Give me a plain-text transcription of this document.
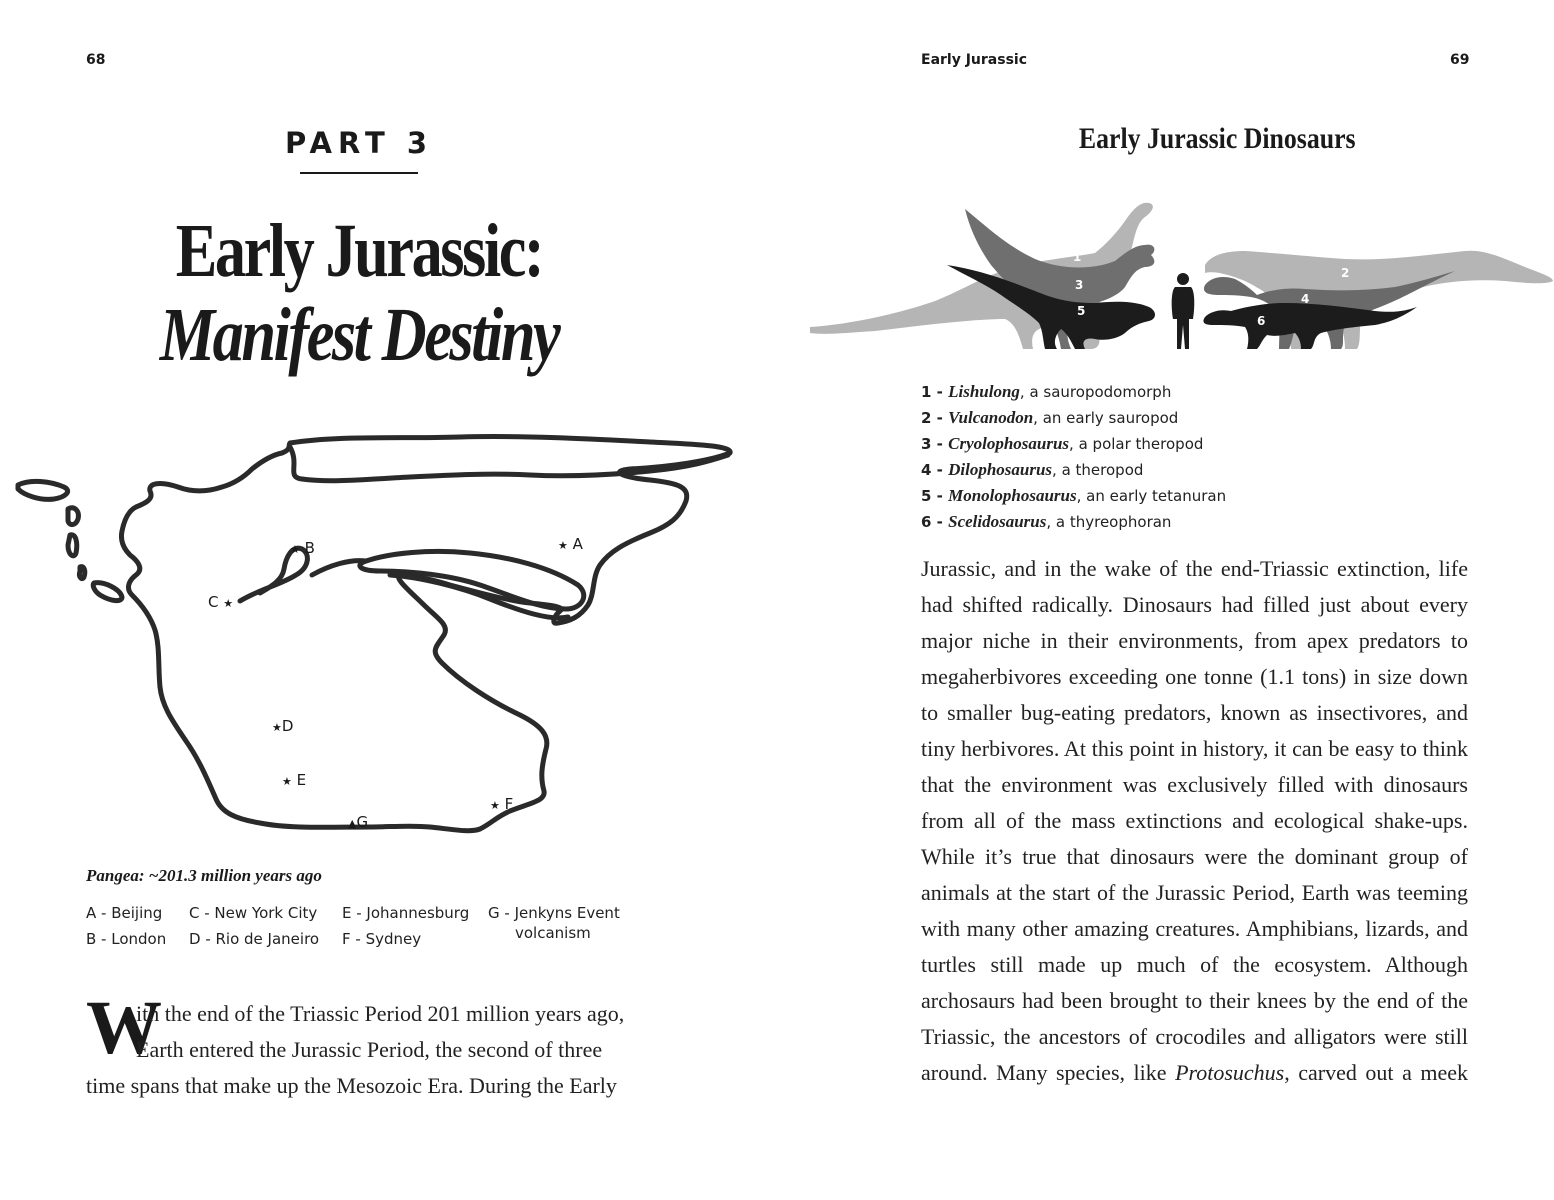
68
PART 3
Early Jurassic:
Manifest Destiny
★ A
★ B
C ★
★D
★ E
★ F
▲G
Pangea: ~201.3 million years ago
A - Beijing
B - London
C - New York City
D - Rio de Janeiro
E - Johannesburg
F - Sydney
G - Jenkyns Event
volcanism
W
ith the end of the Triassic Period 201 million years ago,
Earth entered the Jurassic Period, the second of three
time spans that make up the Mesozoic Era. During the Early
Early Jurassic	69
Early Jurassic Dinosaurs
1
2
3
4
5
6
1 - Lishulong, a sauropodomorph
2 - Vulcanodon, an early sauropod
3 - Cryolophosaurus, a polar theropod
4 - Dilophosaurus, a theropod
5 - Monolophosaurus, an early tetanuran
6 - Scelidosaurus, a thyreophoran
Jurassic, and in the wake of the end-Triassic extinction, life
had shifted radically. Dinosaurs had filled just about every
major niche in their environments, from apex predators to
megaherbivores exceeding one tonne (1.1 tons) in size down
to smaller bug-eating predators, known as insectivores, and
tiny herbivores. At this point in history, it can be easy to think
that the environment was exclusively filled with dinosaurs
from all of the mass extinctions and ecological shake-ups.
While it’s true that dinosaurs were the dominant group of
animals at the start of the Jurassic Period, Earth was teeming
with many other amazing creatures. Amphibians, lizards, and
turtles still made up much of the ecosystem. Although
archosaurs had been brought to their knees by the end of the
Triassic, the ancestors of crocodiles and alligators were still
around. Many species, like Protosuchus, carved out a meek
